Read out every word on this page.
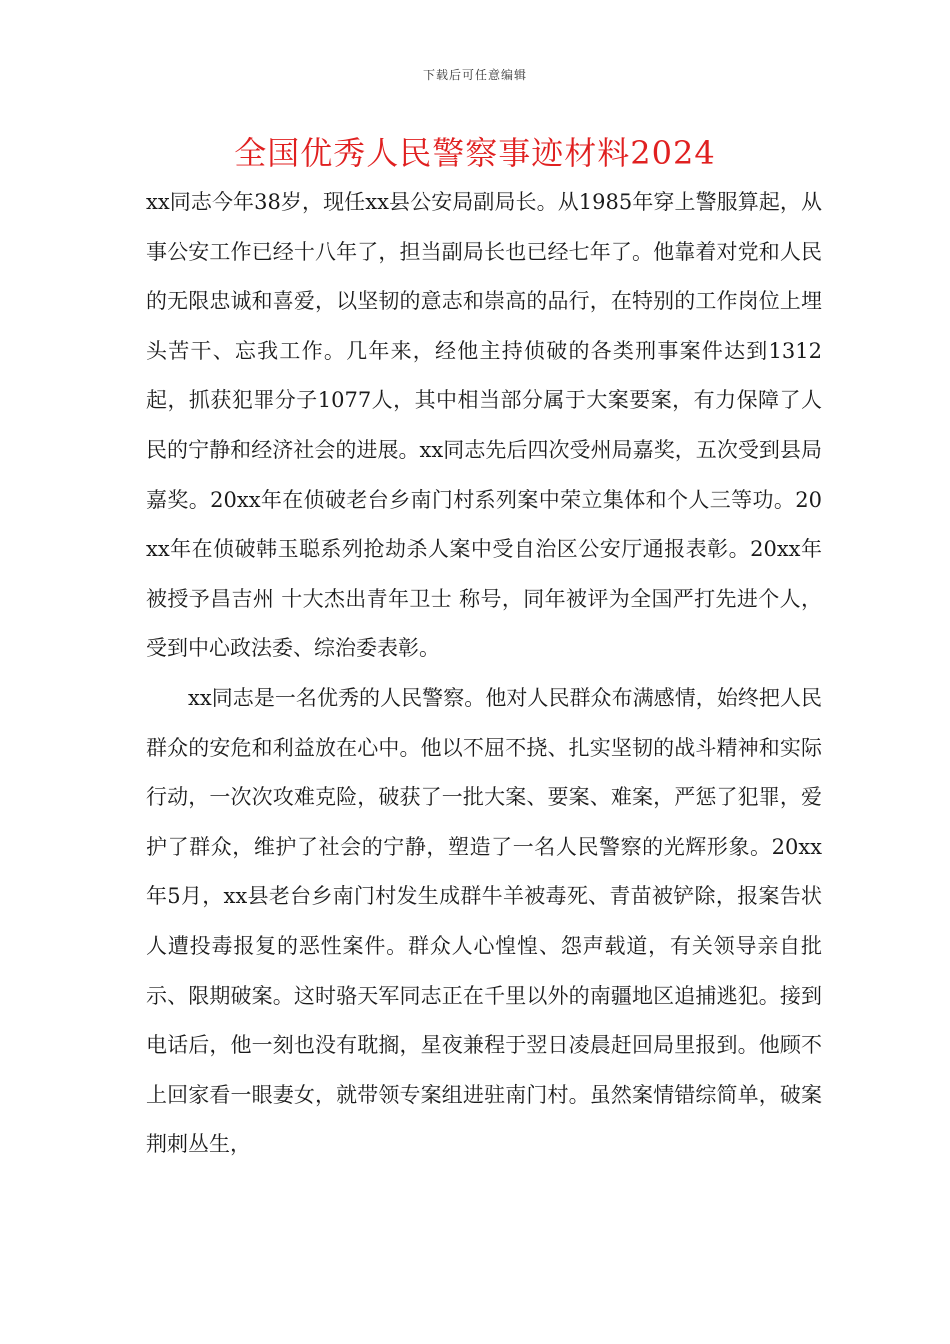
下载后可任意编辑
全国优秀人民警察事迹材料2024

xx同志今年38岁，现任xx县公安局副局长。从1985年穿上警服算起，从事公安工作已经十八年了，担当副局长也已经七年了。他靠着对党和人民的无限忠诚和喜爱，以坚韧的意志和崇高的品行，在特别的工作岗位上埋头苦干、忘我工作。几年来，经他主持侦破的各类刑事案件达到1312起，抓获犯罪分子1077人，其中相当部分属于大案要案，有力保障了人民的宁静和经济社会的进展。xx同志先后四次受州局嘉奖，五次受到县局嘉奖。20xx年在侦破老台乡南门村系列案中荣立集体和个人三等功。20xx年在侦破韩玉聪系列抢劫杀人案中受自治区公安厅通报表彰。20xx年被授予昌吉州 十大杰出青年卫士 称号，同年被评为全国严打先进个人，受到中心政法委、综治委表彰。

xx同志是一名优秀的人民警察。他对人民群众布满感情，始终把人民群众的安危和利益放在心中。他以不屈不挠、扎实坚韧的战斗精神和实际行动，一次次攻难克险，破获了一批大案、要案、难案，严惩了犯罪，爱护了群众，维护了社会的宁静，塑造了一名人民警察的光辉形象。20xx年5月，xx县老台乡南门村发生成群牛羊被毒死、青苗被铲除，报案告状人遭投毒报复的恶性案件。群众人心惶惶、怨声载道，有关领导亲自批示、限期破案。这时骆天军同志正在千里以外的南疆地区追捕逃犯。接到电话后，他一刻也没有耽搁，星夜兼程于翌日凌晨赶回局里报到。他顾不上回家看一眼妻女，就带领专案组进驻南门村。虽然案情错综简单，破案荆刺丛生，
